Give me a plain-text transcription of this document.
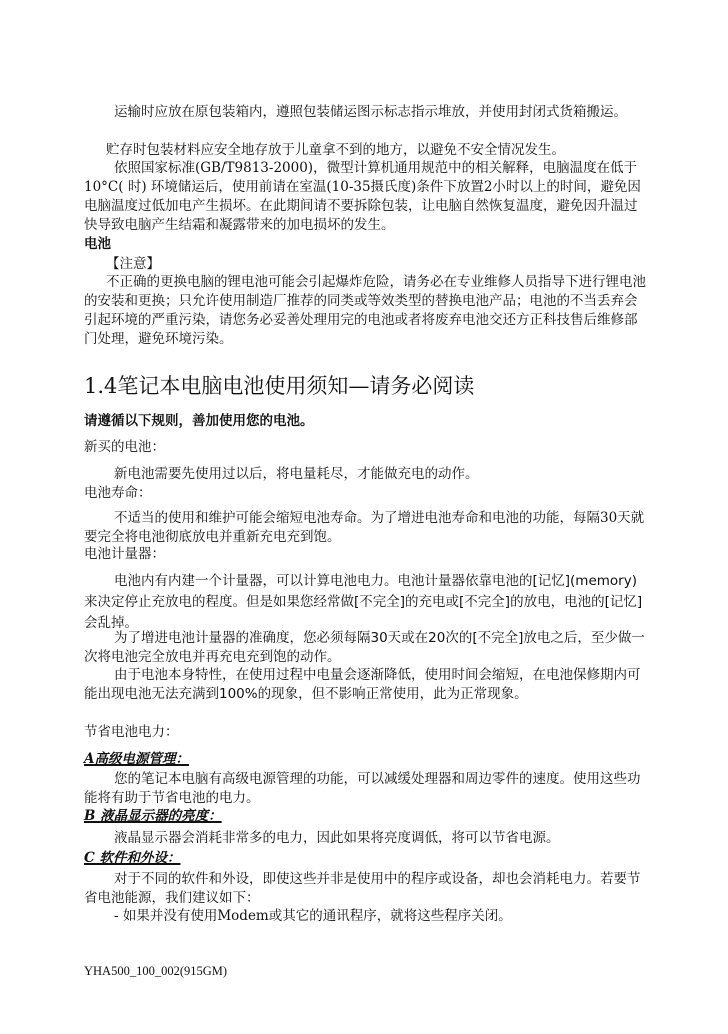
运输时应放在原包装箱内，遵照包装储运图示标志指示堆放，并使用封闭式货箱搬运。

贮存时包装材料应安全地存放于儿童拿不到的地方，以避免不安全情况发生。

依照国家标准(GB/T9813-2000)，微型计算机通用规范中的相关解释，电脑温度在低于10°C( 时) 环境储运后，使用前请在室温(10-35摄氏度)条件下放置2小时以上的时间，避免因电脑温度过低加电产生损坏。在此期间请不要拆除包装，让电脑自然恢复温度，避免因升温过快导致电脑产生结霜和凝露带来的加电损坏的发生。

电池

【注意】

不正确的更换电脑的锂电池可能会引起爆炸危险，请务必在专业维修人员指导下进行锂电池的安装和更换；只允许使用制造厂推荐的同类或等效类型的替换电池产品；电池的不当丢弃会引起环境的严重污染，请您务必妥善处理用完的电池或者将废弃电池交还方正科技售后维修部门处理，避免环境污染。

1.4笔记本电脑电池使用须知—请务必阅读

请遵循以下规则，善加使用您的电池。

新买的电池：

新电池需要先使用过以后，将电量耗尽，才能做充电的动作。

电池寿命：

不适当的使用和维护可能会缩短电池寿命。为了增进电池寿命和电池的功能，每隔30天就要完全将电池彻底放电并重新充电充到饱。

电池计量器：

电池内有内建一个计量器，可以计算电池电力。电池计量器依靠电池的[记忆](memory)来决定停止充放电的程度。但是如果您经常做[不完全]的充电或[不完全]的放电，电池的[记忆]会乱掉。

为了增进电池计量器的准确度，您必须每隔30天或在20次的[不完全]放电之后，至少做一次将电池完全放电并再充电充到饱的动作。

由于电池本身特性，在使用过程中电量会逐渐降低，使用时间会缩短，在电池保修期内可能出现电池无法充满到100%的现象，但不影响正常使用，此为正常现象。

节省电池电力：

A高级电源管理：

您的笔记本电脑有高级电源管理的功能，可以减缓处理器和周边零件的速度。使用这些功能将有助于节省电池的电力。

B 液晶显示器的亮度：

液晶显示器会消耗非常多的电力，因此如果将亮度调低，将可以节省电源。

C 软件和外设：

对于不同的软件和外设，即使这些并非是使用中的程序或设备，却也会消耗电力。若要节省电池能源，我们建议如下：

- 如果并没有使用Modem或其它的通讯程序，就将这些程序关闭。

YHA500_100_002(915GM)
